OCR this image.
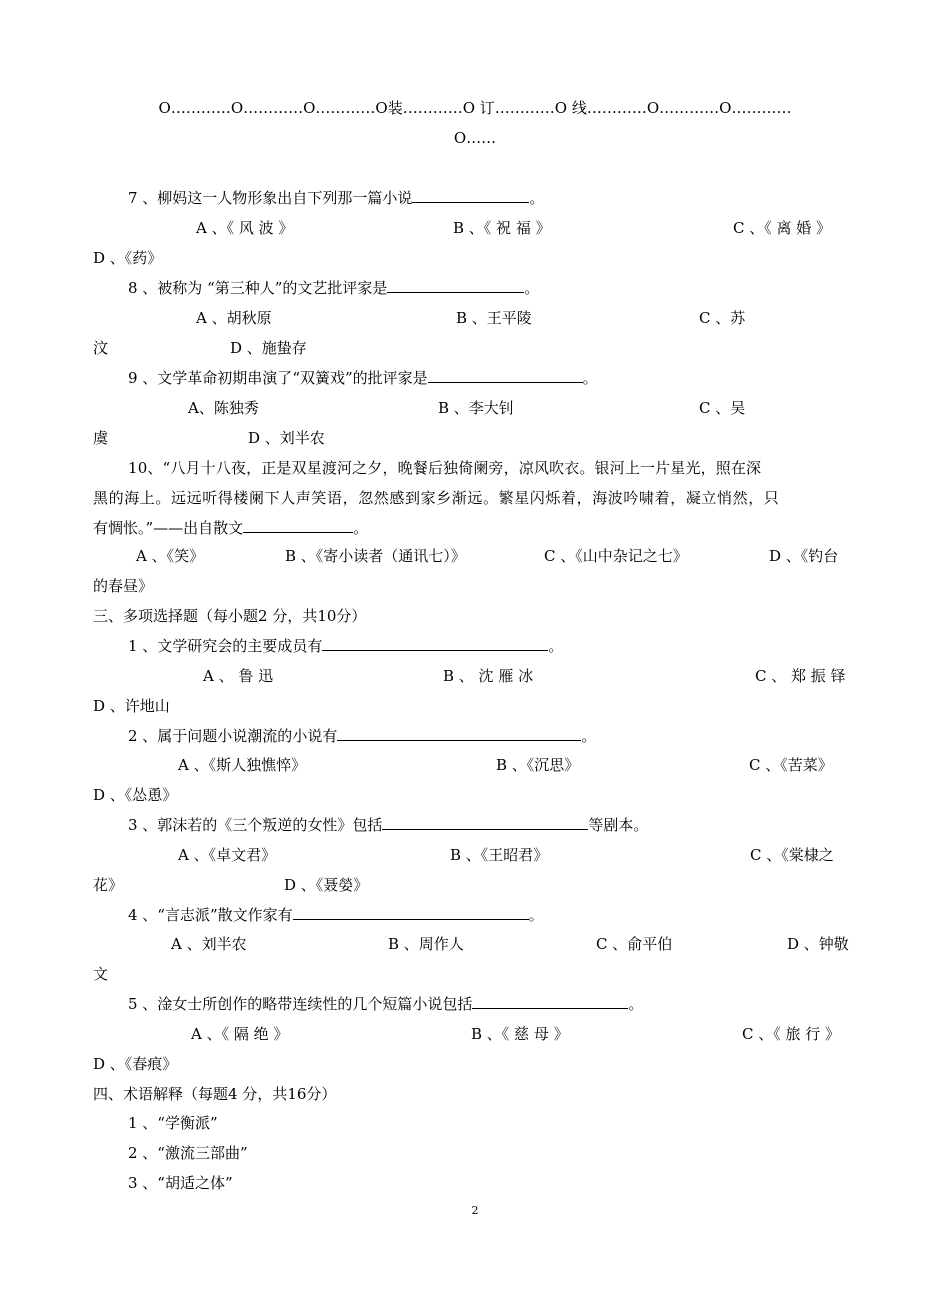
O…………O…………O…………O装…………O 订…………O 线…………O…………O…………
O……
7 、柳妈这一人物形象出自下列那一篇小说	。
A 、《 风 波 》	B 、《 祝 福 》	C 、《 离 婚 》
D 、《药》
8 、被称为 “第三种人”的文艺批评家是	。
A 、胡秋原	B 、王平陵	C 、苏
汶	D 、施蛰存
9 、文学革命初期串演了“双簧戏”的批评家是	。
A、陈独秀	B 、李大钊	C 、吴
虞	D 、刘半农
10、“八月十八夜，正是双星渡河之夕，晚餐后独倚阑旁，凉风吹衣。银河上一片星光，照在深
黑的海上。远远听得楼阑下人声笑语，忽然感到家乡渐远。繁星闪烁着，海波吟啸着，凝立悄然，只
有惆怅。”——出自散文	。
A 、《笑》	B 、《寄小读者（通讯七）》	C 、《山中杂记之七》	D 、《钓台
的春昼》
三、多项选择题（每小题2 分，共10分）
1 、文学研究会的主要成员有	。
A 、 鲁 迅	B 、 沈 雁 冰	C 、 郑 振 铎
D 、许地山
2 、属于问题小说潮流的小说有	。
A 、《斯人独憔悴》	B 、《沉思》	C 、《苦菜》
D 、《怂恿》
3 、郭沫若的《三个叛逆的女性》包括	等剧本。
A 、《卓文君》	B 、《王昭君》	C 、《棠棣之
花》	D 、《聂嫈》
4 、“言志派”散文作家有	。
A 、刘半农	B 、周作人	C 、俞平伯	D 、钟敬
文
5 、淦女士所创作的略带连续性的几个短篇小说包括	。
A 、《 隔 绝 》	B 、《 慈 母 》	C 、《 旅 行 》
D 、《春痕》
四、术语解释（每题4 分，共16分）
1 、“学衡派”
2 、“激流三部曲”
3 、“胡适之体”
2
